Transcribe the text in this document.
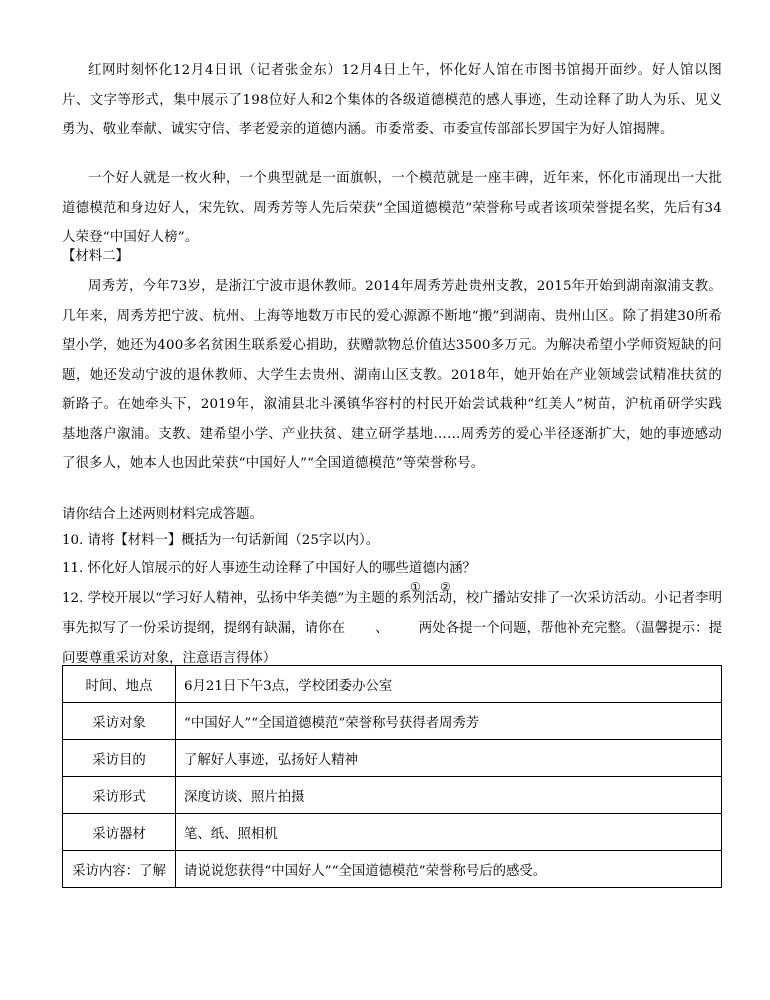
红网时刻怀化12月4日讯（记者张金东）12月4日上午，怀化好人馆在市图书馆揭开面纱。好人馆以图片、文字等形式，集中展示了198位好人和2个集体的各级道德模范的感人事迹，生动诠释了助人为乐、见义勇为、敬业奉献、诚实守信、孝老爱亲的道德内涵。市委常委、市委宣传部部长罗国宇为好人馆揭牌。

一个好人就是一枚火种，一个典型就是一面旗帜，一个模范就是一座丰碑，近年来，怀化市涌现出一大批道德模范和身边好人，宋先钦、周秀芳等人先后荣获“全国道德模范”荣誉称号或者该项荣誉提名奖，先后有34人荣登“中国好人榜”。

【材料二】

周秀芳，今年73岁，是浙江宁波市退休教师。2014年周秀芳赴贵州支教，2015年开始到湖南溆浦支教。几年来，周秀芳把宁波、杭州、上海等地数万市民的爱心源源不断地“搬”到湖南、贵州山区。除了捐建30所希望小学，她还为400多名贫困生联系爱心捐助，获赠款物总价值达3500多万元。为解决希望小学师资短缺的问题，她还发动宁波的退休教师、大学生去贵州、湖南山区支教。2018年，她开始在产业领域尝试精准扶贫的新路子。在她牵头下，2019年，溆浦县北斗溪镇华容村的村民开始尝试栽种“红美人”树苗，沪杭甬研学实践基地落户溆浦。支教、建希望小学、产业扶贫、建立研学基地……周秀芳的爱心半径逐渐扩大，她的事迹感动了很多人，她本人也因此荣获“中国好人”“全国道德模范”等荣誉称号。

请你结合上述两则材料完成答题。

10. 请将【材料一】概括为一句话新闻（25字以内）。

11. 怀化好人馆展示的好人事迹生动诠释了中国好人的哪些道德内涵？

12. 学校开展以“学习好人精神，弘扬中华美德”为主题的系列活动，校广播站安排了一次采访活动。小记者李明事先拟写了一份采访提纲，提纲有缺漏，请你在 、 两处各提一个问题，帮他补充完整。（温馨提示：提问要尊重采访对象，注意语言得体）

① ②
时间、地点	6月21日下午3点，学校团委办公室
采访对象	“中国好人”“全国道德模范”荣誉称号获得者周秀芳
采访目的	了解好人事迹，弘扬好人精神
采访形式	深度访谈、照片拍摄
采访器材	笔、纸、照相机
采访内容：了解	请说说您获得“中国好人”“全国道德模范”荣誉称号后的感受。
